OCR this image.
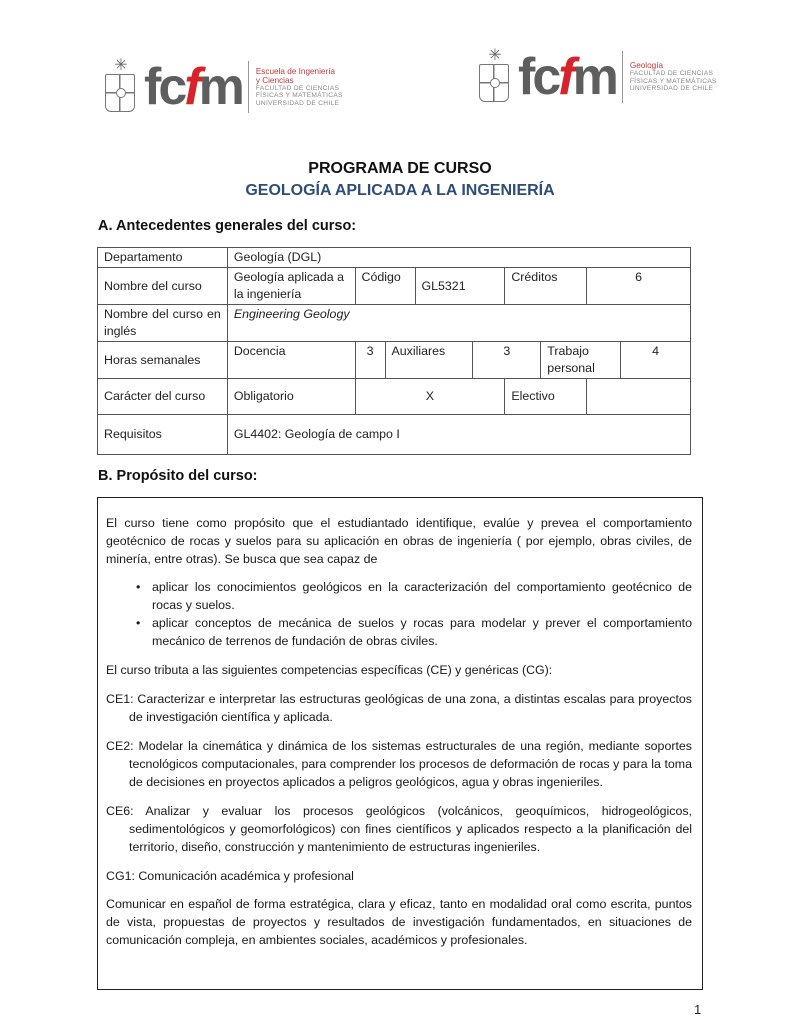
✳ fcfm Escuela de Ingeniería
y Ciencias
FACULTAD DE CIENCIAS
FÍSICAS Y MATEMÁTICAS
UNIVERSIDAD DE CHILE
✳ fcfm Geología
FACULTAD DE CIENCIAS
FÍSICAS Y MATEMÁTICAS
UNIVERSIDAD DE CHILE
PROGRAMA DE CURSO
GEOLOGÍA APLICADA A LA INGENIERÍA
A. Antecedentes generales del curso:
Departamento	Geología (DGL)								
Nombre del curso	Geología aplicada a la ingeniería	Código		GL5321		Créditos		6	
Nombre del curso en inglés	Engineering Geology								
Horas semanales	Docencia	3	Auxiliares		3		Trabajo personal		4
Carácter del curso	Obligatorio	X				Electivo			
Requisitos	GL4402: Geología de campo I								
B. Propósito del curso:

El curso tiene como propósito que el estudiantado identifique, evalúe y prevea el comportamiento geotécnico de rocas y suelos para su aplicación en obras de ingeniería ( por ejemplo, obras civiles, de minería, entre otras). Se busca que sea capaz de

• aplicar los conocimientos geológicos en la caracterización del comportamiento geotécnico de rocas y suelos.
• aplicar conceptos de mecánica de suelos y rocas para modelar y prever el comportamiento mecánico de terrenos de fundación de obras civiles.

El curso tributa a las siguientes competencias específicas (CE) y genéricas (CG):

CE1: Caracterizar e interpretar las estructuras geológicas de una zona, a distintas escalas para proyectos de investigación científica y aplicada.
CE2: Modelar la cinemática y dinámica de los sistemas estructurales de una región, mediante soportes tecnológicos computacionales, para comprender los procesos de deformación de rocas y para la toma de decisiones en proyectos aplicados a peligros geológicos, agua y obras ingenieriles.
CE6: Analizar y evaluar los procesos geológicos (volcánicos, geoquímicos, hidrogeológicos, sedimentológicos y geomorfológicos) con fines científicos y aplicados respecto a la planificación del territorio, diseño, construcción y mantenimiento de estructuras ingenieriles.

CG1: Comunicación académica y profesional

Comunicar en español de forma estratégica, clara y eficaz, tanto en modalidad oral como escrita, puntos de vista, propuestas de proyectos y resultados de investigación fundamentados, en situaciones de comunicación compleja, en ambientes sociales, académicos y profesionales.

1
